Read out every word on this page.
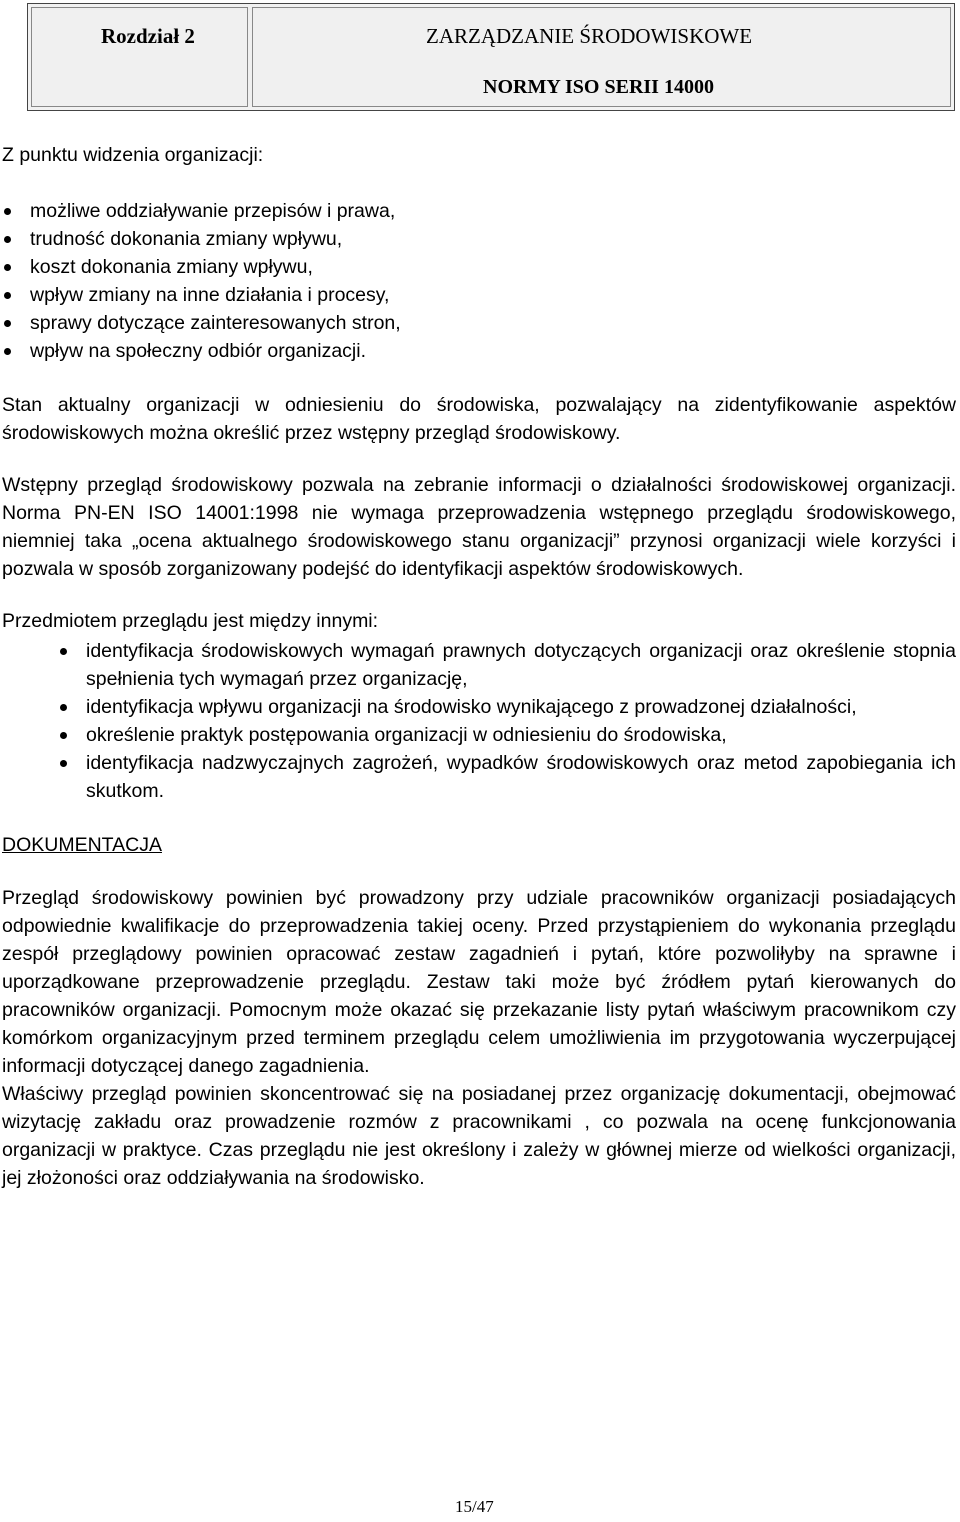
Rozdział 2	ZARZĄDZANIE ŚRODOWISKOWE
NORMY ISO SERII 14000

Z punktu widzenia organizacji:

możliwe oddziaływanie przepisów i prawa,
trudność dokonania zmiany wpływu,
koszt dokonania zmiany wpływu,
wpływ zmiany na inne działania i procesy,
sprawy dotyczące zainteresowanych stron,
wpływ na społeczny odbiór organizacji.

Stan aktualny organizacji w odniesieniu do środowiska, pozwalający na zidentyfikowanie aspektów środowiskowych można określić przez wstępny przegląd środowiskowy.

Wstępny przegląd środowiskowy pozwala na zebranie informacji o działalności środowiskowej organizacji. Norma PN-EN ISO 14001:1998 nie wymaga przeprowadzenia wstępnego przeglądu środowiskowego, niemniej taka „ocena aktualnego środowiskowego stanu organizacji” przynosi organizacji wiele korzyści i pozwala w sposób zorganizowany podejść do identyfikacji aspektów środowiskowych.

Przedmiotem przeglądu jest między innymi:

identyfikacja środowiskowych wymagań prawnych dotyczących organizacji oraz określenie stopnia spełnienia tych wymagań przez organizację,
identyfikacja wpływu organizacji na środowisko wynikającego z prowadzonej działalności,
określenie praktyk postępowania organizacji w odniesieniu do środowiska,
identyfikacja nadzwyczajnych zagrożeń, wypadków środowiskowych oraz metod zapobiegania ich skutkom.

DOKUMENTACJA

Przegląd środowiskowy powinien być prowadzony przy udziale pracowników organizacji posiadających odpowiednie kwalifikacje do przeprowadzenia takiej oceny. Przed przystąpieniem do wykonania przeglądu zespół przeglądowy powinien opracować zestaw zagadnień i pytań, które pozwoliłyby na sprawne i uporządkowane przeprowadzenie przeglądu. Zestaw taki może być źródłem pytań kierowanych do pracowników organizacji. Pomocnym może okazać się przekazanie listy pytań właściwym pracownikom czy komórkom organizacyjnym przed terminem przeglądu celem umożliwienia im przygotowania wyczerpującej informacji dotyczącej danego zagadnienia.

Właściwy przegląd powinien skoncentrować się na posiadanej przez organizację dokumentacji, obejmować wizytację zakładu oraz prowadzenie rozmów z pracownikami , co pozwala na ocenę funkcjonowania organizacji w praktyce. Czas przeglądu nie jest określony i zależy w głównej mierze od wielkości organizacji, jej złożoności oraz oddziaływania na środowisko.

15/47
